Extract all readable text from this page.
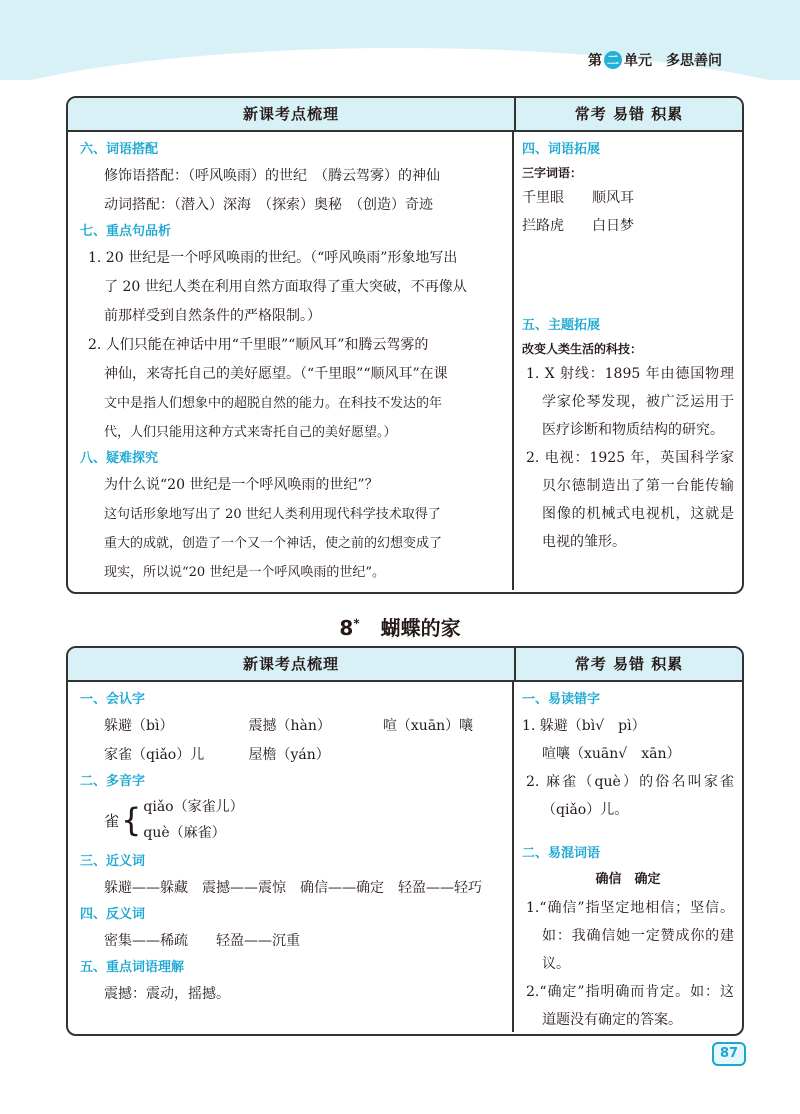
第 二 单元 多思善问
新课考点梳理	常考 易错 积累
六、词语搭配
修饰语搭配：（呼风唤雨）的世纪　（腾云驾雾）的神仙
动词搭配：（潜入）深海　（探索）奥秘　（创造）奇迹
七、重点句品析
1. 20 世纪是一个呼风唤雨的世纪。（“呼风唤雨”形象地写出
了 20 世纪人类在利用自然方面取得了重大突破，不再像从
前那样受到自然条件的严格限制。）
2. 人们只能在神话中用“千里眼”“顺风耳”和腾云驾雾的
神仙，来寄托自己的美好愿望。（“千里眼”“顺风耳”在课
文中是指人们想象中的超脱自然的能力。在科技不发达的年
代，人们只能用这种方式来寄托自己的美好愿望。）
八、疑难探究
为什么说“20 世纪是一个呼风唤雨的世纪”？
这句话形象地写出了 20 世纪人类利用现代科学技术取得了
重大的成就，创造了一个又一个神话，使之前的幻想变成了
现实，所以说“20 世纪是一个呼风唤雨的世纪”。
四、词语拓展
三字词语：
千里眼　　顺风耳
拦路虎　　白日梦
五、主题拓展
改变人类生活的科技：
1. X 射线：1895 年由德国物理学家伦琴发现，被广泛运用于医疗诊断和物质结构的研究。
2. 电视：1925 年，英国科学家贝尔德制造出了第一台能传输图像的机械式电视机，这就是电视的雏形。
8* 蝴蝶的家
新课考点梳理	常考 易错 积累
一、会认字
躲避（bì）	震撼（hàn）	喧（xuān）嚷
家雀（qiǎo）儿	屋檐（yán）
二、多音字
雀 { qiǎo（家雀儿）
què（麻雀）
三、近义词
躲避——躲藏　震撼——震惊　确信——确定　轻盈——轻巧
四、反义词
密集——稀疏　　轻盈——沉重
五、重点词语理解
震撼：震动，摇撼。
一、易读错字
1. 躲避（bì√　pì）
喧嚷（xuān√　xān）
2. 麻雀（què）的俗名叫家雀（qiǎo）儿。
二、易混词语
确信　确定
1.“确信”指坚定地相信；坚信。如：我确信她一定赞成你的建议。
2.“确定”指明确而肯定。如：这道题没有确定的答案。
87
